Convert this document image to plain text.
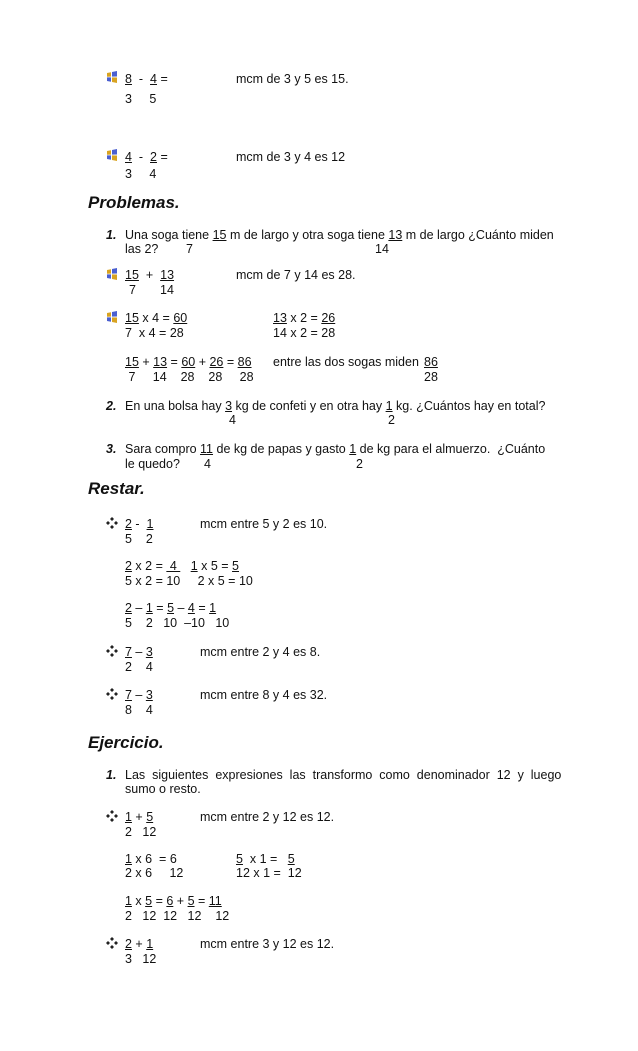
8 - 4 =	mcm de 3 y 5 es 15.
3     5
4 - 2 =	mcm de 3 y 4 es 12
3     4
Problemas.
1. Una soga tiene 15 m de largo y otra soga tiene 13 m de largo ¿Cuánto miden
las 2? 7	14
15 + 13	mcm de 7 y 14 es 28.
7 14
15 x 4 = 60
7  x 4 = 28
13 x 2 = 26
14 x 2 = 28
15 + 13 = 60 + 26 = 86
7     14    28    28     28
entre las dos sogas miden 86
28
2. En una bolsa hay 3 kg de confeti y en otra hay 1 kg. ¿Cuántos hay en total?
4	2
3. Sara compro 11 de kg de papas y gasto 1 de kg para el almuerzo.  ¿Cuánto
le quedo? 4	2
Restar.
2 -  1	mcm entre 5 y 2 es 10.
5    2
2 x 2 =  4    1 x 5 = 5
5 x 2 = 10     2 x 5 = 10
2 – 1 = 5 – 4 = 1
5    2   10  –10   10
7 – 3	mcm entre 2 y 4 es 8.
2    4
7 – 3	mcm entre 8 y 4 es 32.
8    4
Ejercicio.
1. Las  siguientes  expresiones  las  transformo  como  denominador  12  y  luego
sumo o resto.
1 + 5	mcm entre 2 y 12 es 12.
2   12
1 x 6  = 6	5  x 1 =   5
2 x 6     12	12 x 1 =  12
1 x 5 = 6 + 5 = 11
2   12  12   12    12
2 + 1	mcm entre 3 y 12 es 12.
3   12
